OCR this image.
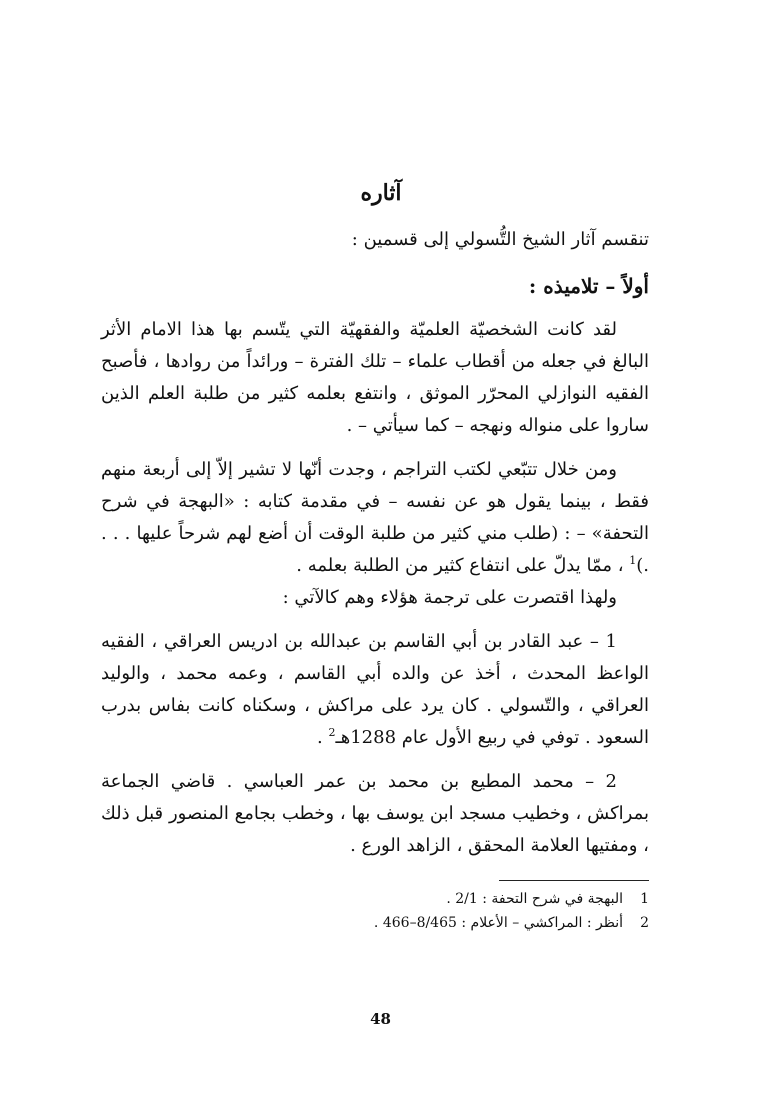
آثاره

تنقسم آثار الشيخ التُّسولي إلى قسمين :

أولاً – تلاميذه :

لقد كانت الشخصيّة العلميّة والفقهيّة التي يتّسم بها هذا الامام الأثر البالغ في جعله من أقطاب علماء – تلك الفترة – ورائداً من روادها ، فأصبح الفقيه النوازلي المحرّر الموثق ، وانتفع بعلمه كثير من طلبة العلم الذين ساروا على منواله ونهجه – كما سيأتي – .

ومن خلال تتبّعي لكتب التراجم ، وجدت أنّها لا تشير إلاّ إلى أربعة منهم فقط ، بينما يقول هو عن نفسه – في مقدمة كتابه : «البهجة في شرح التحفة» – : (طلب مني كثير من طلبة الوقت أن أضع لهم شرحاً عليها . . . .)$^1$ ، ممّا يدلّ على انتفاع كثير من الطلبة بعلمه .

ولهذا اقتصرت على ترجمة هؤلاء وهم كالآتي :

1 – عبد القادر بن أبي القاسم بن عبدالله بن ادريس العراقي ، الفقيه الواعظ المحدث ، أخذ عن والده أبي القاسم ، وعمه محمد ، والوليد العراقي ، والتّسولي . كان يرد على مراكش ، وسكناه كانت بفاس بدرب السعود . توفي في ربيع الأول عام 1288هـ$^2$ .

2 – محمد المطيع بن محمد بن عمر العباسي . قاضي الجماعة بمراكش ، وخطيب مسجد ابن يوسف بها ، وخطب بجامع المنصور قبل ذلك ، ومفتيها العلامة المحقق ، الزاهد الورع .

1
البهجة في شرح التحفة : 2/1 .
2
أنظر : المراكشي – الأعلام : 8/465–466 .
48
